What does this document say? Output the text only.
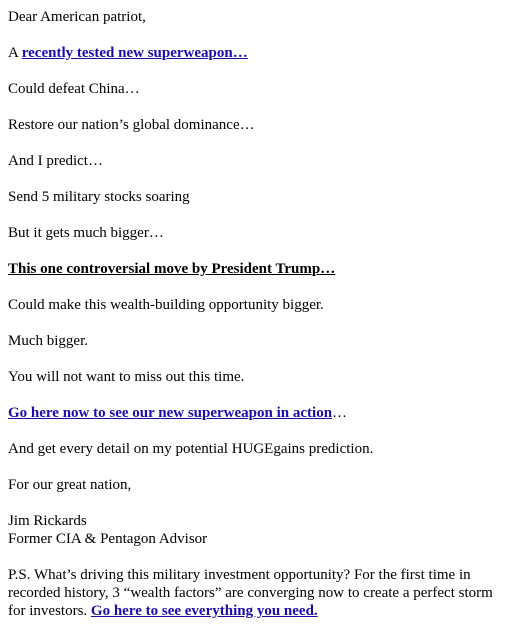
Dear American patriot,

A recently tested new superweapon…

Could defeat China…

Restore our nation’s global dominance…

And I predict…

Send 5 military stocks soaring

But it gets much bigger…

This one controversial move by President Trump…

Could make this wealth-building opportunity bigger.

Much bigger.

You will not want to miss out this time.

Go here now to see our new superweapon in action…

And get every detail on my potential HUGEgains prediction.

For our great nation,

Jim Rickards
Former CIA & Pentagon Advisor

P.S. What’s driving this military investment opportunity? For the first time in recorded history, 3 “wealth factors” are converging now to create a perfect storm for investors. Go here to see everything you need.
